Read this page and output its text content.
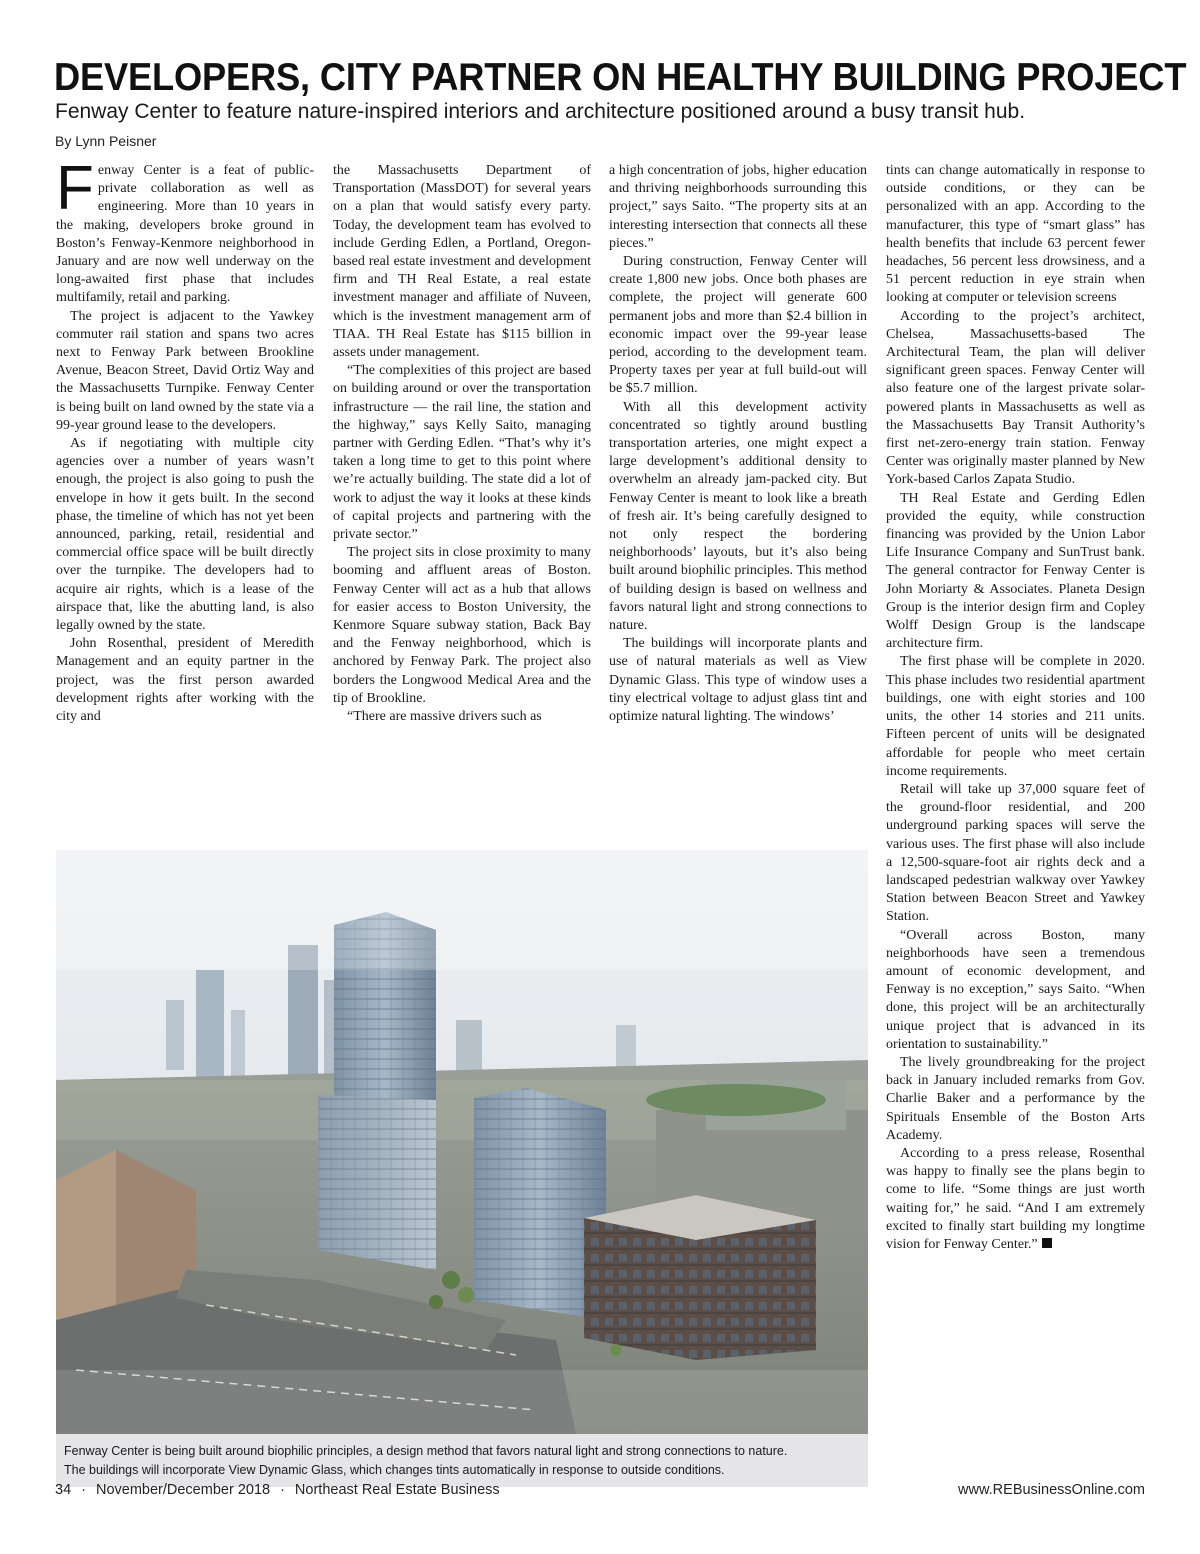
DEVELOPERS, CITY PARTNER ON HEALTHY BUILDING PROJECT
Fenway Center to feature nature-inspired interiors and architecture positioned around a busy transit hub.

By Lynn Peisner

Fenway Center is a feat of public-private collaboration as well as engineering. More than 10 years in the making, developers broke ground in Boston’s Fenway-Kenmore neighborhood in January and are now well underway on the long-awaited first phase that includes multifamily, retail and parking.

The project is adjacent to the Yawkey commuter rail station and spans two acres next to Fenway Park between Brookline Avenue, Beacon Street, David Ortiz Way and the Massachusetts Turnpike. Fenway Center is being built on land owned by the state via a 99-year ground lease to the developers.

As if negotiating with multiple city agencies over a number of years wasn’t enough, the project is also going to push the envelope in how it gets built. In the second phase, the timeline of which has not yet been announced, parking, retail, residential and commercial office space will be built directly over the turnpike. The developers had to acquire air rights, which is a lease of the airspace that, like the abutting land, is also legally owned by the state.

John Rosenthal, president of Meredith Management and an equity partner in the project, was the first person awarded development rights after working with the city and

the Massachusetts Department of Transportation (MassDOT) for several years on a plan that would satisfy every party. Today, the development team has evolved to include Gerding Edlen, a Portland, Oregon-based real estate investment and development firm and TH Real Estate, a real estate investment manager and affiliate of Nuveen, which is the investment management arm of TIAA. TH Real Estate has $115 billion in assets under management.

“The complexities of this project are based on building around or over the transportation infrastructure — the rail line, the station and the highway,” says Kelly Saito, managing partner with Gerding Edlen. “That’s why it’s taken a long time to get to this point where we’re actually building. The state did a lot of work to adjust the way it looks at these kinds of capital projects and partnering with the private sector.”

The project sits in close proximity to many booming and affluent areas of Boston. Fenway Center will act as a hub that allows for easier access to Boston University, the Kenmore Square subway station, Back Bay and the Fenway neighborhood, which is anchored by Fenway Park. The project also borders the Longwood Medical Area and the tip of Brookline.

“There are massive drivers such as

a high concentration of jobs, higher education and thriving neighborhoods surrounding this project,” says Saito. “The property sits at an interesting intersection that connects all these pieces.”

During construction, Fenway Center will create 1,800 new jobs. Once both phases are complete, the project will generate 600 permanent jobs and more than $2.4 billion in economic impact over the 99-year lease period, according to the development team. Property taxes per year at full build-out will be $5.7 million.

With all this development activity concentrated so tightly around bustling transportation arteries, one might expect a large development’s additional density to overwhelm an already jam-packed city. But Fenway Center is meant to look like a breath of fresh air. It’s being carefully designed to not only respect the bordering neighborhoods’ layouts, but it’s also being built around biophilic principles. This method of building design is based on wellness and favors natural light and strong connections to nature.

The buildings will incorporate plants and use of natural materials as well as View Dynamic Glass. This type of window uses a tiny electrical voltage to adjust glass tint and optimize natural lighting. The windows’

tints can change automatically in response to outside conditions, or they can be personalized with an app. According to the manufacturer, this type of “smart glass” has health benefits that include 63 percent fewer headaches, 56 percent less drowsiness, and a 51 percent reduction in eye strain when looking at computer or television screens

According to the project’s architect, Chelsea, Massachusetts-based The Architectural Team, the plan will deliver significant green spaces. Fenway Center will also feature one of the largest private solar-powered plants in Massachusetts as well as the Massachusetts Bay Transit Authority’s first net-zero-energy train station. Fenway Center was originally master planned by New York-based Carlos Zapata Studio.

TH Real Estate and Gerding Edlen provided the equity, while construction financing was provided by the Union Labor Life Insurance Company and SunTrust bank. The general contractor for Fenway Center is John Moriarty & Associates. Planeta Design Group is the interior design firm and Copley Wolff Design Group is the landscape architecture firm.

The first phase will be complete in 2020. This phase includes two residential apartment buildings, one with eight stories and 100 units, the other 14 stories and 211 units. Fifteen percent of units will be designated affordable for people who meet certain income requirements.

Retail will take up 37,000 square feet of the ground-floor residential, and 200 underground parking spaces will serve the various uses. The first phase will also include a 12,500-square-foot air rights deck and a landscaped pedestrian walkway over Yawkey Station between Beacon Street and Yawkey Station.

“Overall across Boston, many neighborhoods have seen a tremendous amount of economic development, and Fenway is no exception,” says Saito. “When done, this project will be an architecturally unique project that is advanced in its orientation to sustainability.”

The lively groundbreaking for the project back in January included remarks from Gov. Charlie Baker and a performance by the Spirituals Ensemble of the Boston Arts Academy.

According to a press release, Rosenthal was happy to finally see the plans begin to come to life. “Some things are just worth waiting for,” he said. “And I am extremely excited to finally start building my longtime vision for Fenway Center.”

Fenway Center is being built around biophilic principles, a design method that favors natural light and strong connections to nature.
The buildings will incorporate View Dynamic Glass, which changes tints automatically in response to outside conditions.

34 · November/December 2018 · Northeast Real Estate Business	www.REBusinessOnline.com
